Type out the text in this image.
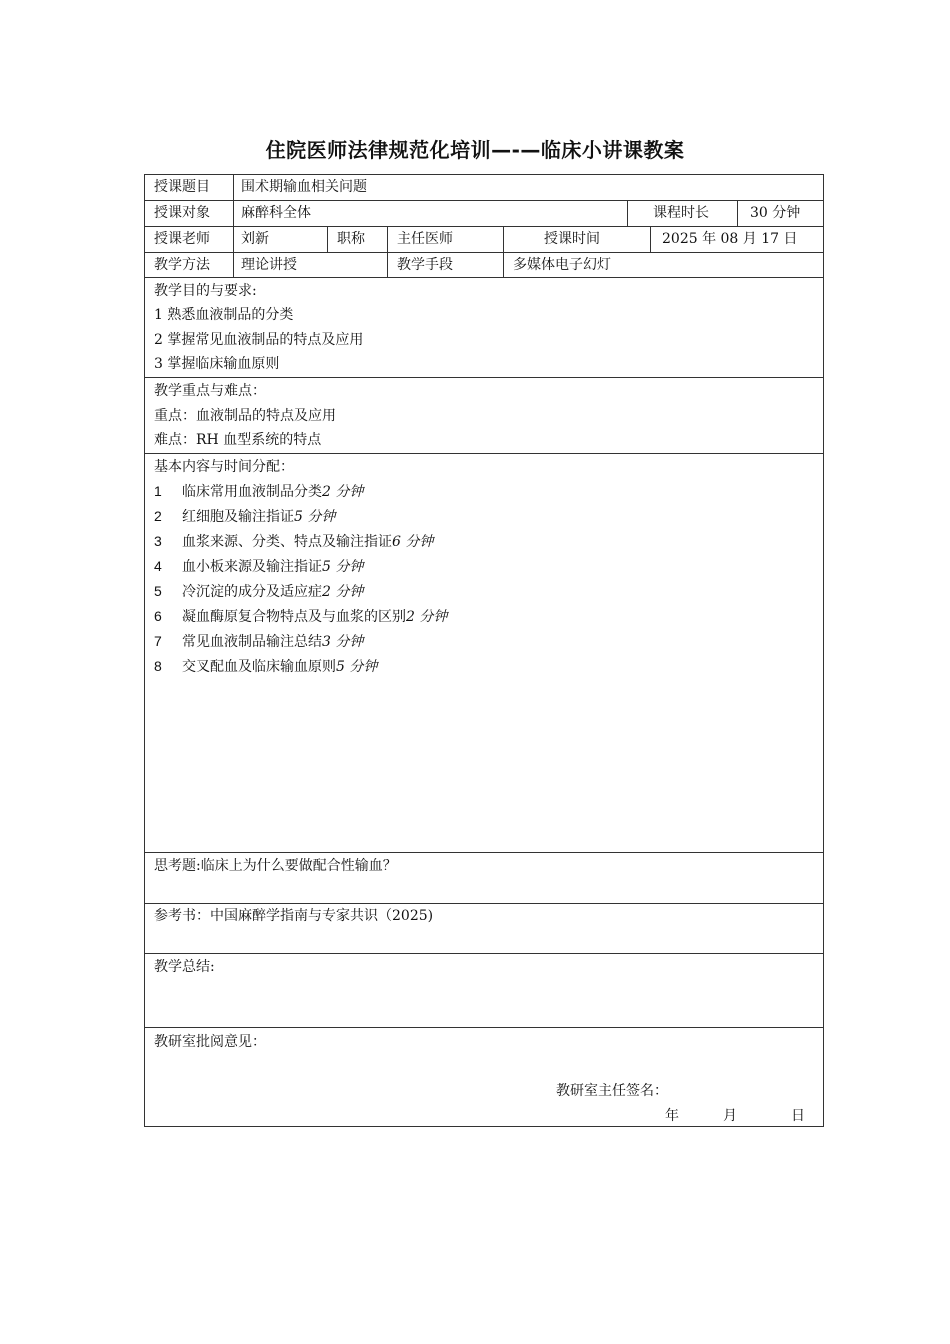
住院医师法律规范化培训—-—临床小讲课教案
授课题目 围术期输血相关问题
授课对象 麻醉科全体	课程时长	30 分钟
授课老师 刘新	职称 主任医师	授课时间	2025 年 08 月 17 日
教学方法 理论讲授	教学手段	多媒体电子幻灯
教学目的与要求:
1 熟悉血液制品的分类
2 掌握常见血液制品的特点及应用
3 掌握临床输血原则
教学重点与难点：
重点：血液制品的特点及应用
难点：RH 血型系统的特点
基本内容与时间分配：
1 临床常用血液制品分类2 分钟
2 红细胞及输注指证5 分钟
3 血浆来源、分类、特点及输注指证6 分钟
4 血小板来源及输注指证5 分钟
5 冷沉淀的成分及适应症2 分钟
6 凝血酶原复合物特点及与血浆的区别2 分钟
7 常见血液制品输注总结3 分钟
8 交叉配血及临床输血原则5 分钟
思考题:临床上为什么要做配合性输血？
参考书：中国麻醉学指南与专家共识（2025)
教学总结:
教研室批阅意见：
教研室主任签名：
年	月	日
